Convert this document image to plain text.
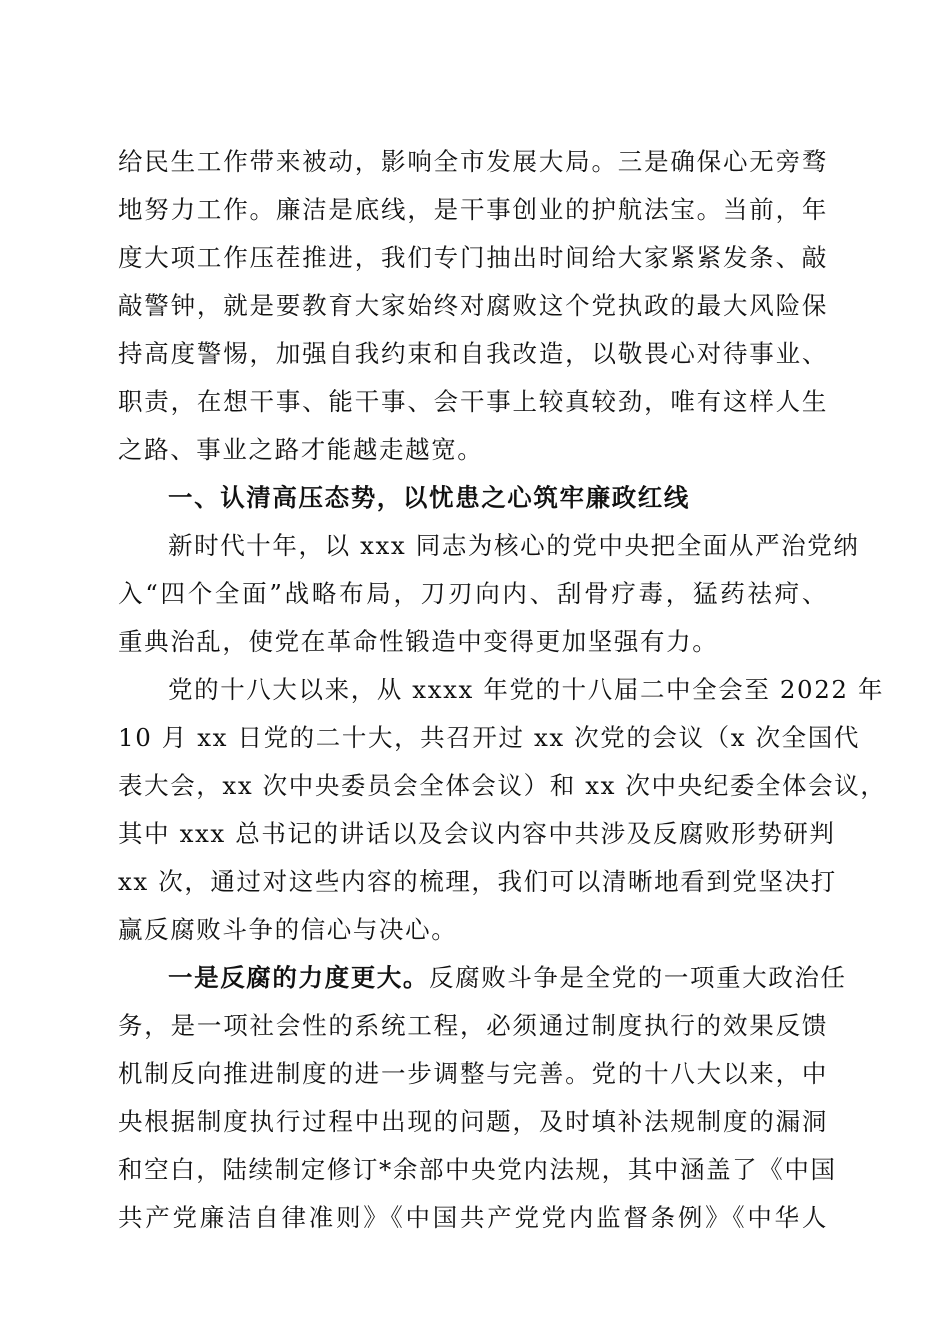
给民生工作带来被动，影响全市发展大局。三是确保心无旁骛
地努力工作。廉洁是底线，是干事创业的护航法宝。当前，年
度大项工作压茬推进，我们专门抽出时间给大家紧紧发条、敲
敲警钟，就是要教育大家始终对腐败这个党执政的最大风险保
持高度警惕，加强自我约束和自我改造，以敬畏心对待事业、
职责，在想干事、能干事、会干事上较真较劲，唯有这样人生
之路、事业之路才能越走越宽。
一、认清高压态势，以忧患之心筑牢廉政红线
新时代十年，以 xxx 同志为核心的党中央把全面从严治党纳
入“四个全面”战略布局，刀刃向内、刮骨疗毒，猛药祛疴、
重典治乱，使党在革命性锻造中变得更加坚强有力。
党的十八大以来，从 xxxx 年党的十八届二中全会至 2022 年
10 月 xx 日党的二十大，共召开过 xx 次党的会议（x 次全国代
表大会，xx 次中央委员会全体会议）和 xx 次中央纪委全体会议，
其中 xxx 总书记的讲话以及会议内容中共涉及反腐败形势研判
xx 次，通过对这些内容的梳理，我们可以清晰地看到党坚决打
赢反腐败斗争的信心与决心。
一是反腐的力度更大。反腐败斗争是全党的一项重大政治任
务，是一项社会性的系统工程，必须通过制度执行的效果反馈
机制反向推进制度的进一步调整与完善。党的十八大以来，中
央根据制度执行过程中出现的问题，及时填补法规制度的漏洞
和空白，陆续制定修订*余部中央党内法规，其中涵盖了《中国
共产党廉洁自律准则》《中国共产党党内监督条例》《中华人
